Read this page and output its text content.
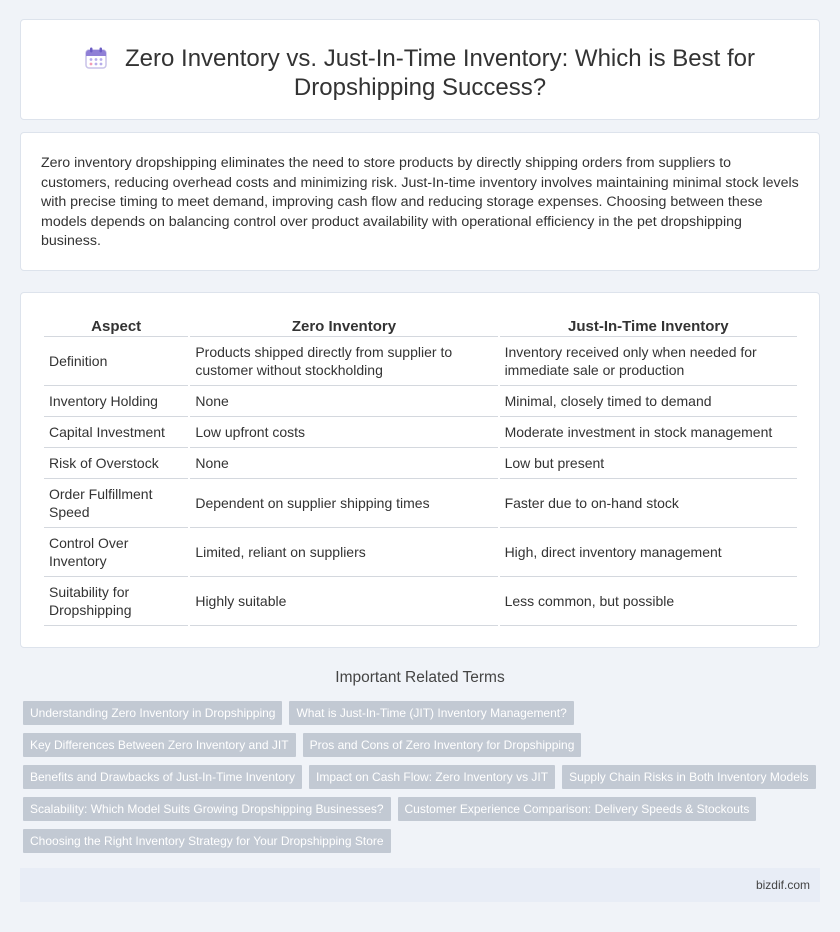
Zero Inventory vs. Just-In-Time Inventory: Which is Best for
Dropshipping Success?

Zero inventory dropshipping eliminates the need to store products by directly shipping orders from suppliers to customers, reducing overhead costs and minimizing risk. Just-In-time inventory involves maintaining minimal stock levels with precise timing to meet demand, improving cash flow and reducing storage expenses. Choosing between these models depends on balancing control over product availability with operational efficiency in the pet dropshipping business.

Aspect	Zero Inventory	Just-In-Time Inventory
Definition	Products shipped directly from supplier to customer without stockholding	Inventory received only when needed for immediate sale or production
Inventory Holding	None	Minimal, closely timed to demand
Capital Investment	Low upfront costs	Moderate investment in stock management
Risk of Overstock	None	Low but present
Order Fulfillment Speed	Dependent on supplier shipping times	Faster due to on-hand stock
Control Over Inventory	Limited, reliant on suppliers	High, direct inventory management
Suitability for Dropshipping	Highly suitable	Less common, but possible
Important Related Terms
Understanding Zero Inventory in Dropshipping	What is Just-In-Time (JIT) Inventory Management?
Key Differences Between Zero Inventory and JIT	Pros and Cons of Zero Inventory for Dropshipping
Benefits and Drawbacks of Just-In-Time Inventory	Impact on Cash Flow: Zero Inventory vs JIT	Supply Chain Risks in Both Inventory Models
Scalability: Which Model Suits Growing Dropshipping Businesses?	Customer Experience Comparison: Delivery Speeds & Stockouts
Choosing the Right Inventory Strategy for Your Dropshipping Store
bizdif.com
